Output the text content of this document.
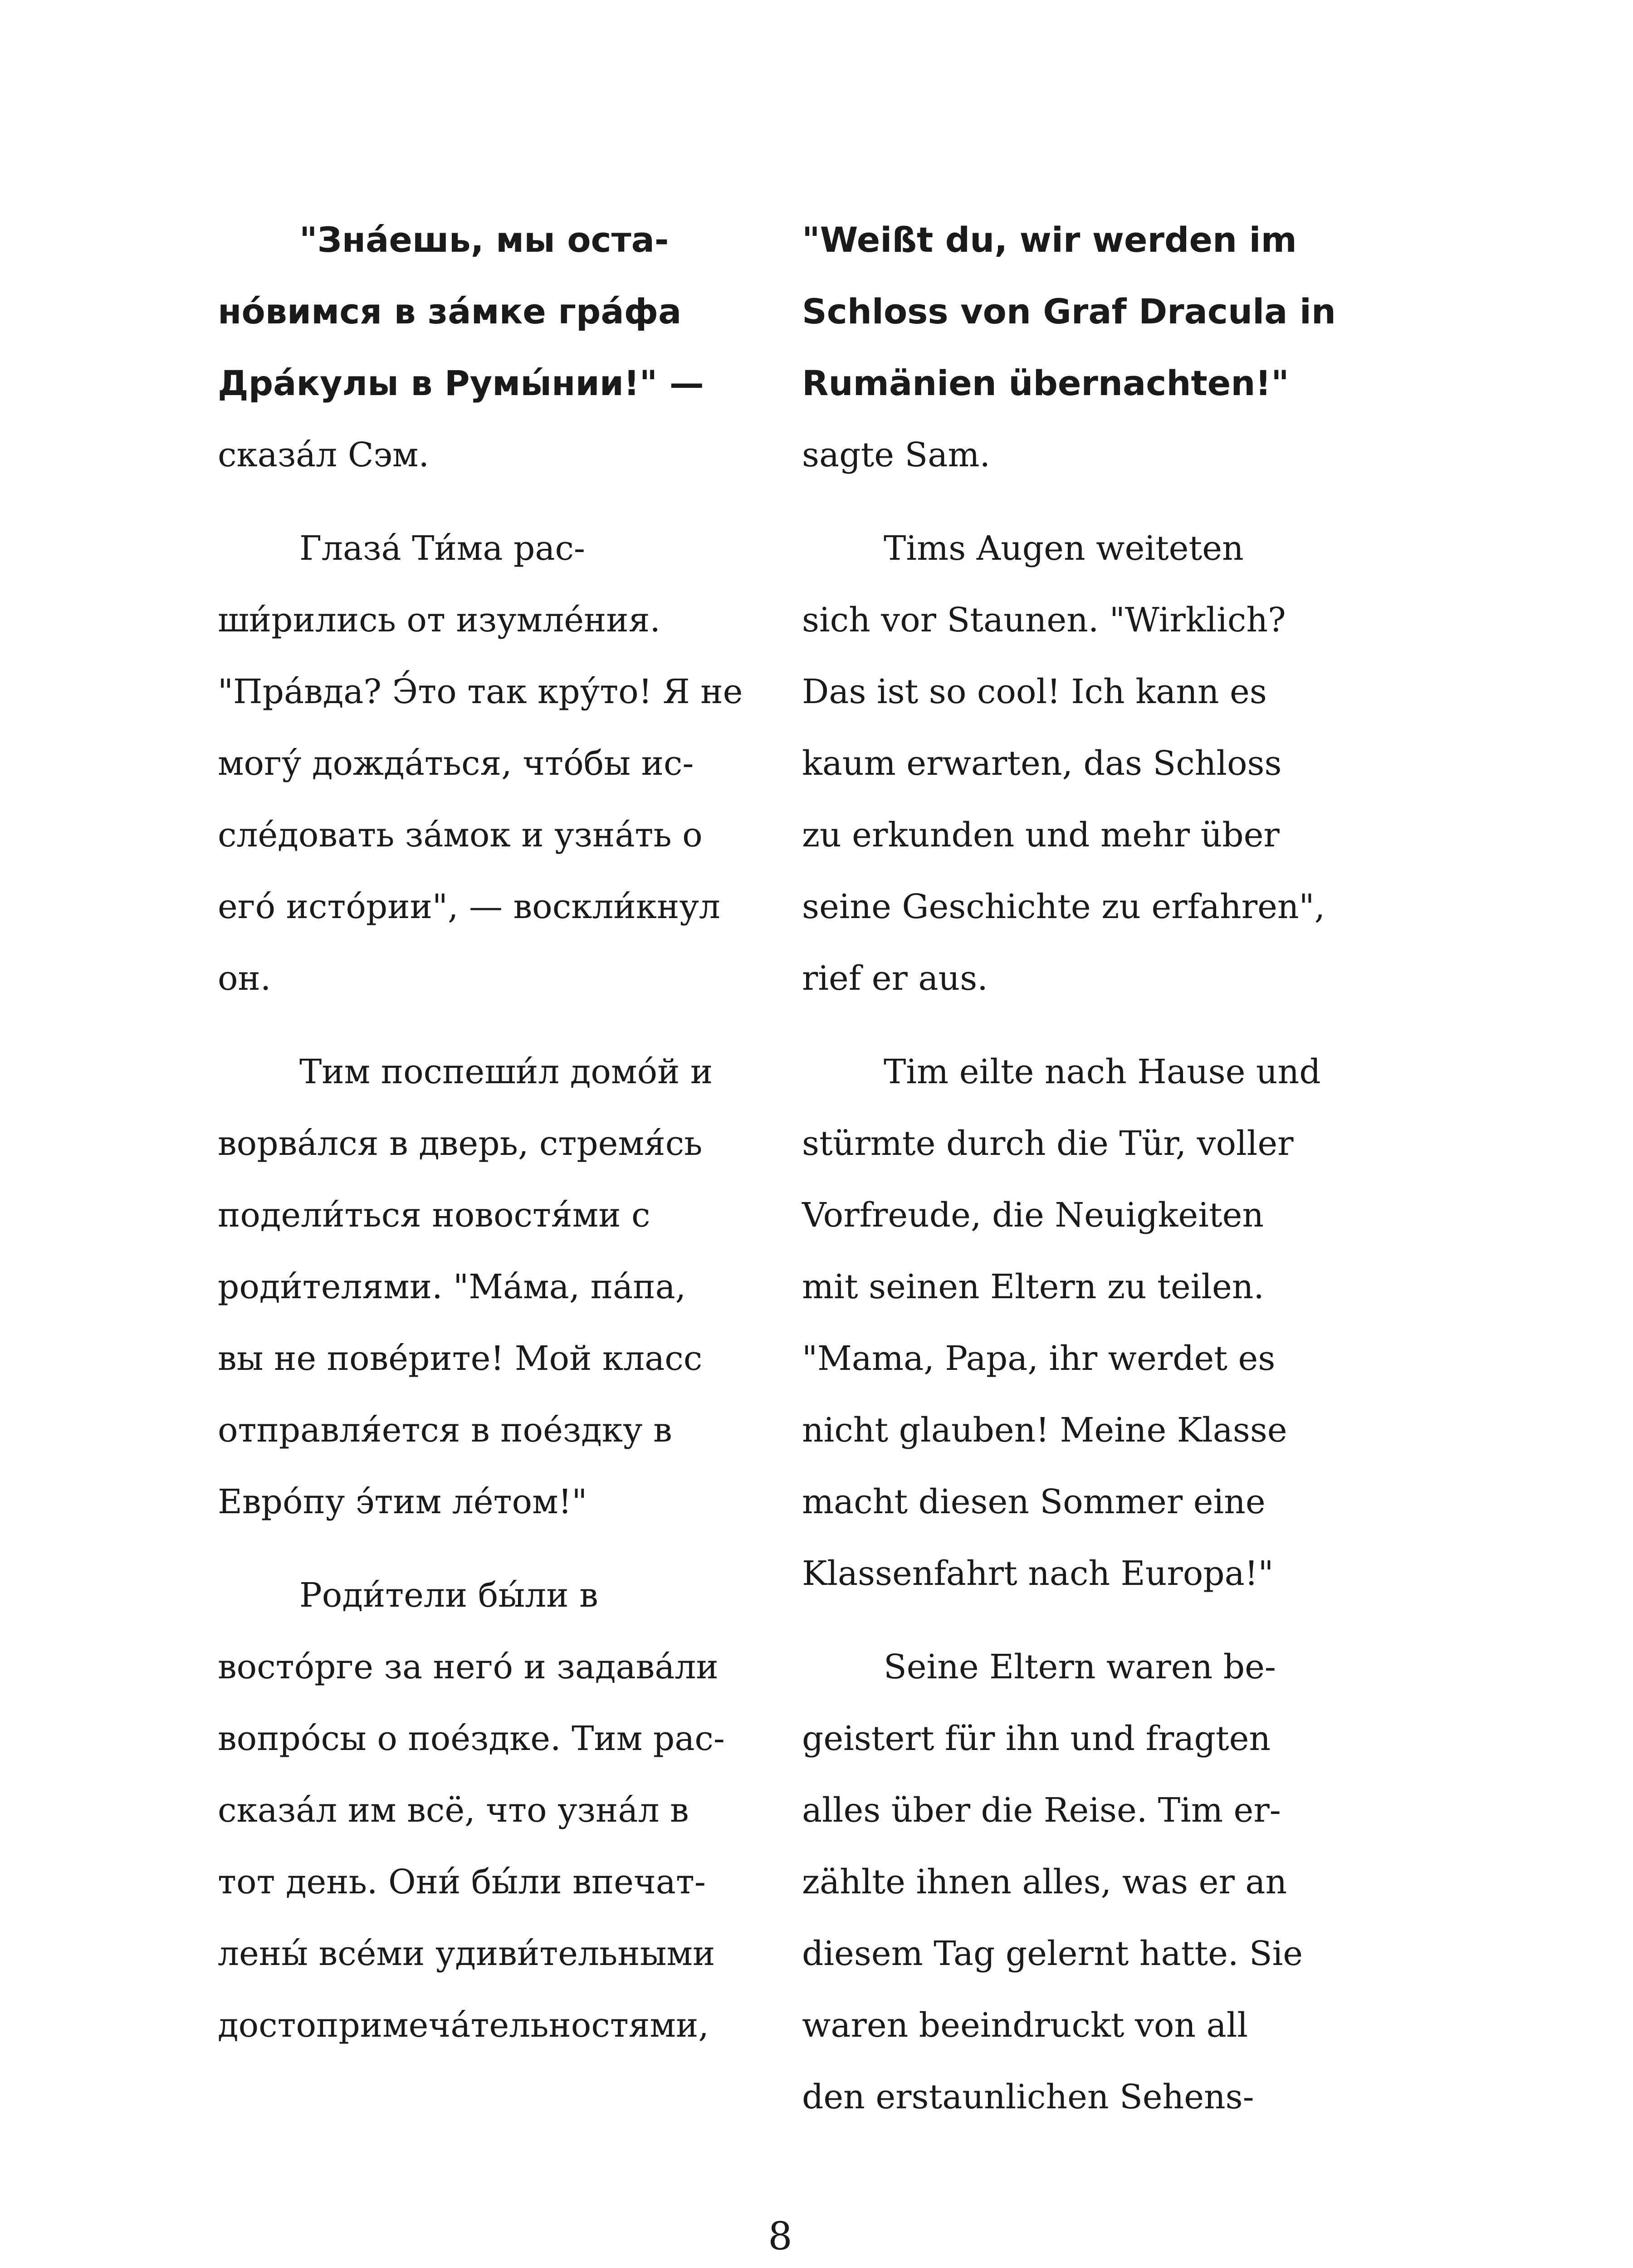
"Зна́ешь, мы оста-
но́вимся в за́мке гра́фа
Дра́кулы в Румы́нии!" —

сказа́л Сэм.

Глаза́ Ти́ма рас-
ши́рились от изумле́ния.
"Пра́вда? Э́то так кру́то! Я не
могу́ дожда́ться, что́бы ис-
сле́довать за́мок и узна́ть о
его́ исто́рии", — воскли́кнул
он.

Тим поспеши́л домо́й и
ворва́лся в дверь, стремя́сь
подели́ться новостя́ми с
роди́телями. "Ма́ма, па́па,
вы не пове́рите! Мой класс
отправля́ется в пое́здку в
Евро́пу э́тим ле́том!"

Роди́тели бы́ли в
восто́рге за него́ и задава́ли
вопро́сы о пое́здке. Тим рас-
сказа́л им всё, что узна́л в
тот день. Они́ бы́ли впечат-
лены́ все́ми удиви́тельными
достопримеча́тельностями,

"Weißt du, wir werden im
Schloss von Graf Dracula in
Rumänien übernachten!"

sagte Sam.

Tims Augen weiteten
sich vor Staunen. "Wirklich?
Das ist so cool! Ich kann es
kaum erwarten, das Schloss
zu erkunden und mehr über
seine Geschichte zu erfahren",
rief er aus.

Tim eilte nach Hause und
stürmte durch die Tür, voller
Vorfreude, die Neuigkeiten
mit seinen Eltern zu teilen.
"Mama, Papa, ihr werdet es
nicht glauben! Meine Klasse
macht diesen Sommer eine
Klassenfahrt nach Europa!"

Seine Eltern waren be-
geistert für ihn und fragten
alles über die Reise. Tim er-
zählte ihnen alles, was er an
diesem Tag gelernt hatte. Sie
waren beeindruckt von all
den erstaunlichen Sehens-

8
